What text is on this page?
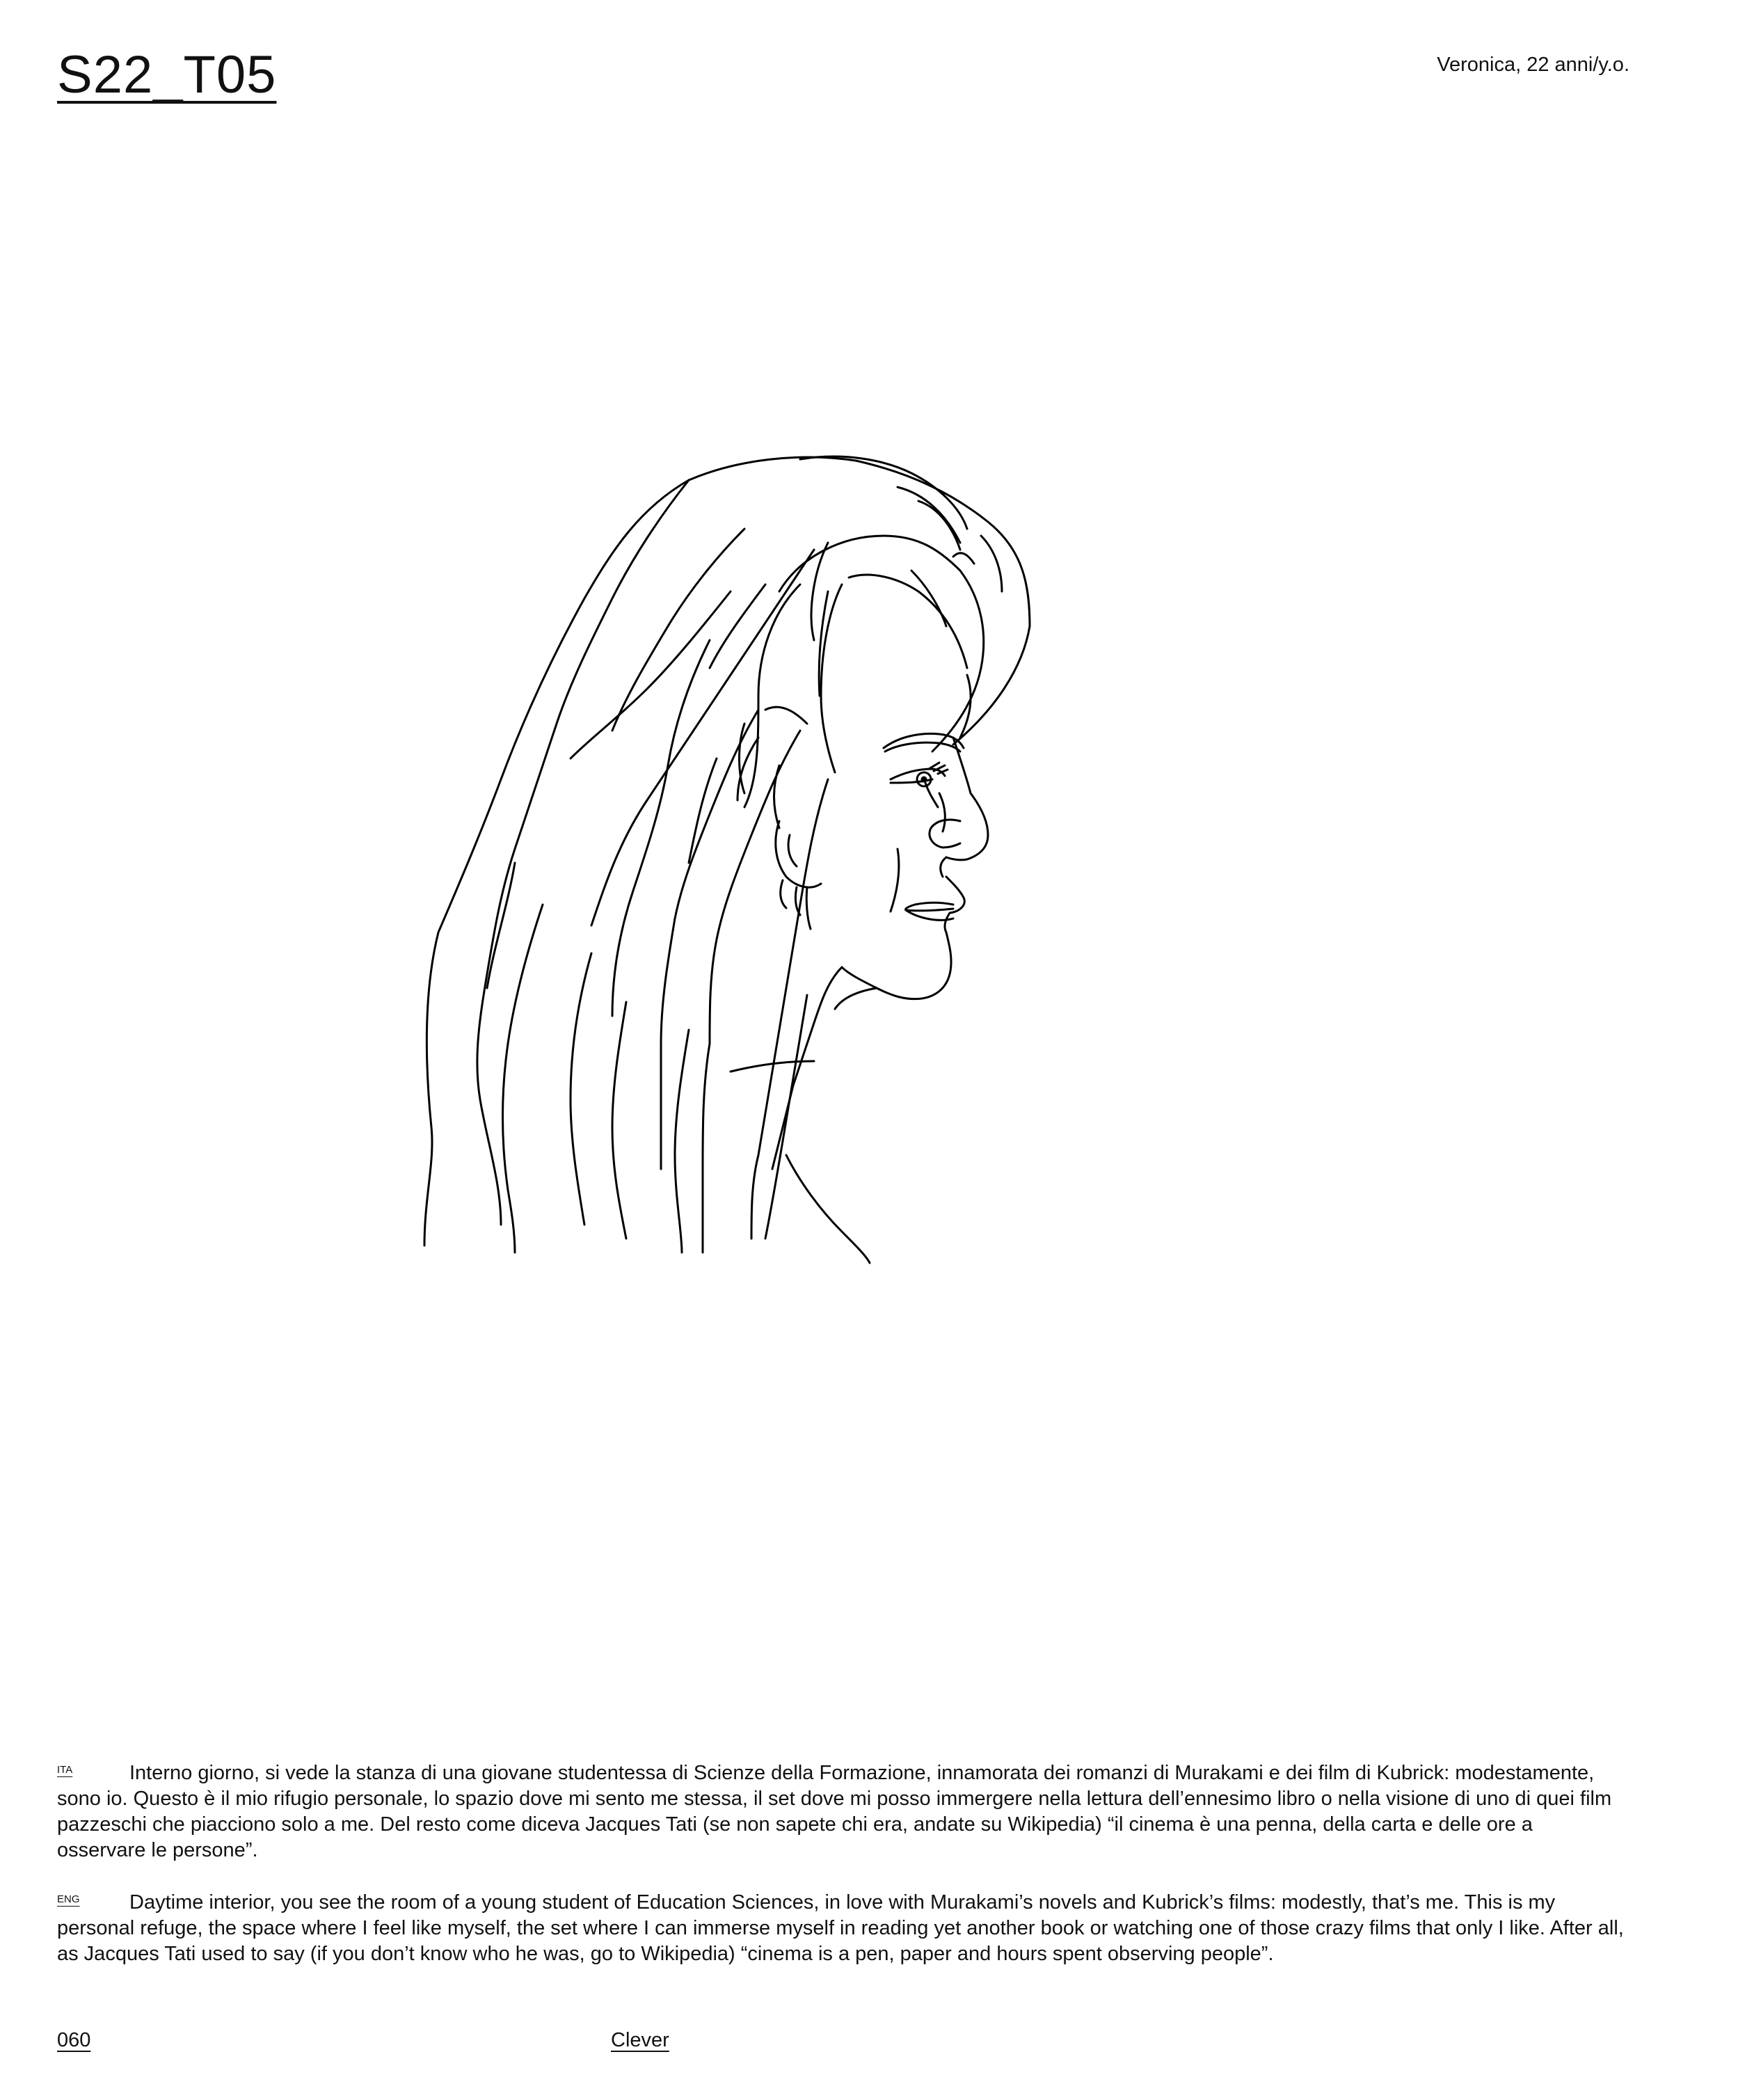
S22_T05	Veronica, 22 anni/y.o.

ITA	Interno giorno, si vede la stanza di una giovane studentessa di Scienze della Formazione, innamorata dei romanzi di Murakami e dei film di Kubrick: modestamente, sono io. Questo è il mio rifugio personale, lo spazio dove mi sento me stessa, il set dove mi posso immergere nella lettura dell’ennesimo libro o nella visione di uno di quei film pazzeschi che piacciono solo a me. Del resto come diceva Jacques Tati (se non sapete chi era, andate su Wikipedia) “il cinema è una penna, della carta e delle ore a osservare le persone”.

ENG Daytime interior, you see the room of a young student of Education Sciences, in love with Murakami’s novels and Kubrick’s films: modestly, that’s me. This is my personal refuge, the space where I feel like myself, the set where I can immerse myself in reading yet another book or watching one of those crazy films that only I like. After all, as Jacques Tati used to say (if you don’t know who he was, go to Wikipedia) “cinema is a pen, paper and hours spent observing people”.

060	Clever
